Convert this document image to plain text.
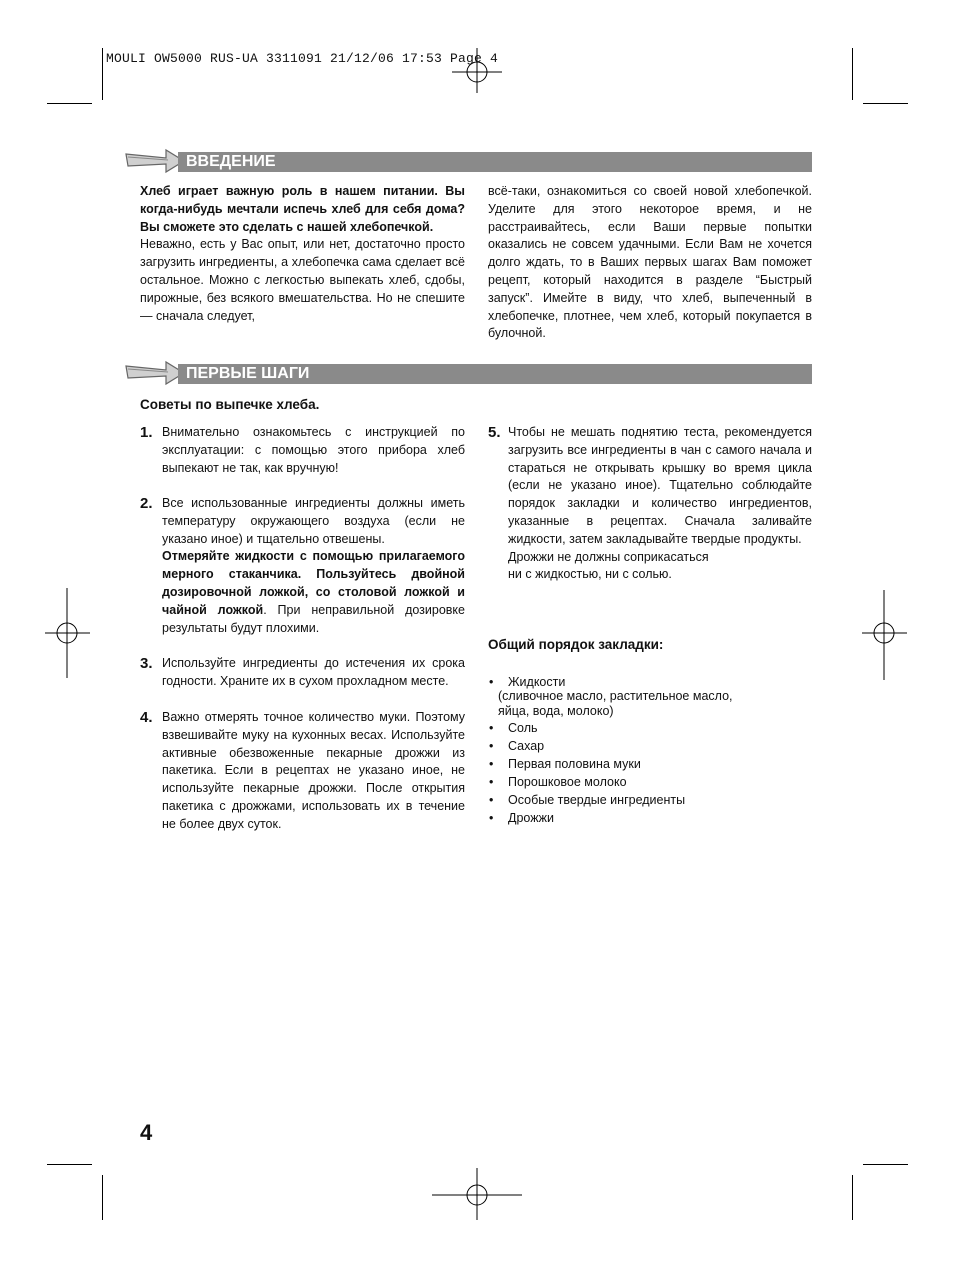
MOULI OW5000 RUS-UA 3311091 21/12/06 17:53 Page 4
ВВЕДЕНИЕ

Хлеб играет важную роль в нашем питании. Вы когда-нибудь мечтали испечь хлеб для себя дома? Вы сможете это сделать с нашей хлебопечкой.

Неважно, есть у Вас опыт, или нет, достаточно просто загрузить ингредиенты, а хлебопечка сама сделает всё остальное. Можно с легкостью выпекать хлеб, сдобы, пирожные, без всякого вмешательства. Но не спешите — сначала следует,

всё-таки, ознакомиться со своей новой хлебопечкой. Уделите для этого некоторое время, и не расстраивайтесь, если Ваши первые попытки оказались не совсем удачными. Если Вам не хочется долго ждать, то в Ваших первых шагах Вам поможет рецепт, который находится в разделе “Быстрый запуск”. Имейте в виду, что хлеб, выпеченный в хлебопечке, плотнее, чем хлеб, который покупается в булочной.

ПЕРВЫЕ ШАГИ
Советы по выпечке хлеба.
1. Внимательно ознакомьтесь с инструкцией по эксплуатации: с помощью этого прибора хлеб выпекают не так, как вручную!
2. Все использованные ингредиенты должны иметь температуру окружающего воздуха (если не указано иное) и тщательно отвешены.

Отмеряйте жидкости с помощью прилагаемого мерного стаканчика. Пользуйтесь двойной дозировочной ложкой, со столовой ложкой и чайной ложкой. При неправильной дозировке результаты будут плохими.

3. Используйте ингредиенты до истечения их срока годности. Храните их в сухом прохладном месте.
4. Важно отмерять точное количество муки. Поэтому взвешивайте муку на кухонных весах. Используйте активные обезвоженные пекарные дрожжи из пакетика. Если в рецептах не указано иное, не используйте пекарные дрожжи. После открытия пакетика с дрожжами, использовать их в течение не более двух суток.
5. Чтобы не мешать поднятию теста, рекомендуется загрузить все ингредиенты в чан с самого начала и стараться не открывать крышку во время цикла (если не указано иное). Тщательно соблюдайте порядок закладки и количество ингредиентов, указанные в рецептах. Сначала заливайте жидкости, затем закладывайте твердые продукты.

Дрожжи не должны соприкасаться

ни с жидкостью, ни с солью.

Общий порядок закладки:
• Жидкости
(сливочное масло, растительное масло,
яйца, вода, молоко)
• Соль
• Сахар
• Первая половина муки
• Порошковое молоко
• Особые твердые ингредиенты
• Дрожжи
4
